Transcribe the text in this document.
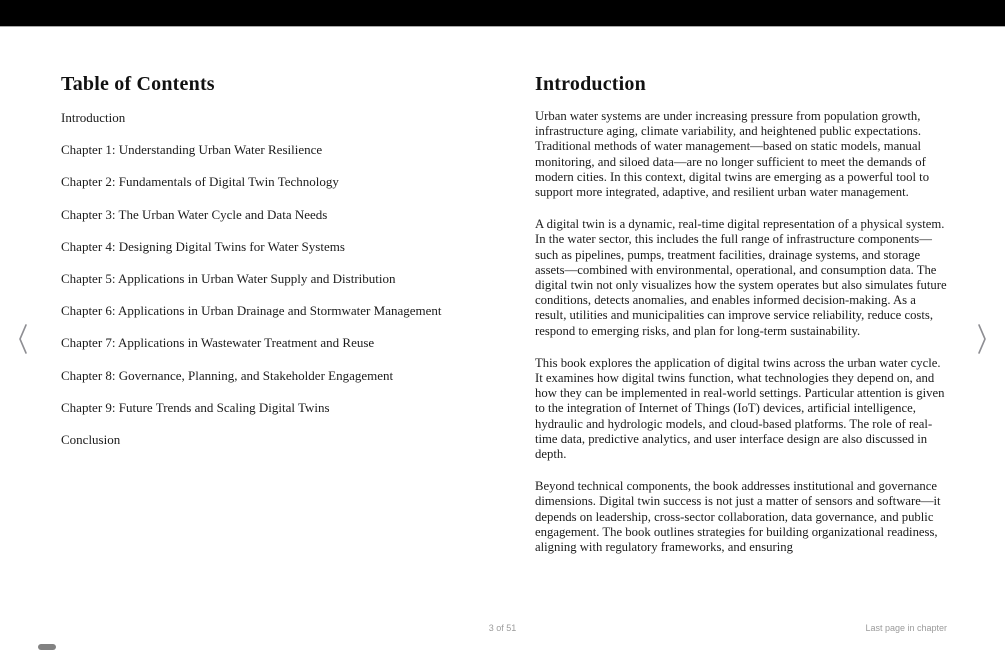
Table of Contents
Introduction
Chapter 1: Understanding Urban Water Resilience
Chapter 2: Fundamentals of Digital Twin Technology
Chapter 3: The Urban Water Cycle and Data Needs
Chapter 4: Designing Digital Twins for Water Systems
Chapter 5: Applications in Urban Water Supply and Distribution
Chapter 6: Applications in Urban Drainage and Stormwater Management
Chapter 7: Applications in Wastewater Treatment and Reuse
Chapter 8: Governance, Planning, and Stakeholder Engagement
Chapter 9: Future Trends and Scaling Digital Twins
Conclusion
Introduction

Urban water systems are under increasing pressure from population growth, infrastructure aging, climate variability, and heightened public expectations. Traditional methods of water management—based on static models, manual monitoring, and siloed data—are no longer sufficient to meet the demands of modern cities. In this context, digital twins are emerging as a powerful tool to support more integrated, adaptive, and resilient urban water management.

A digital twin is a dynamic, real-time digital representation of a physical system. In the water sector, this includes the full range of infrastructure components—such as pipelines, pumps, treatment facilities, drainage systems, and storage assets—combined with environmental, operational, and consumption data. The digital twin not only visualizes how the system operates but also simulates future conditions, detects anomalies, and enables informed decision-making. As a result, utilities and municipalities can improve service reliability, reduce costs, respond to emerging risks, and plan for long-term sustainability.

This book explores the application of digital twins across the urban water cycle. It examines how digital twins function, what technologies they depend on, and how they can be implemented in real-world settings. Particular attention is given to the integration of Internet of Things (IoT) devices, artificial intelligence, hydraulic and hydrologic models, and cloud-based platforms. The role of real-time data, predictive analytics, and user interface design are also discussed in depth.

Beyond technical components, the book addresses institutional and governance dimensions. Digital twin success is not just a matter of sensors and software—it depends on leadership, cross-sector collaboration, data governance, and public engagement. The book outlines strategies for building organizational readiness, aligning with regulatory frameworks, and ensuring

3 of 51	Last page in chapter
